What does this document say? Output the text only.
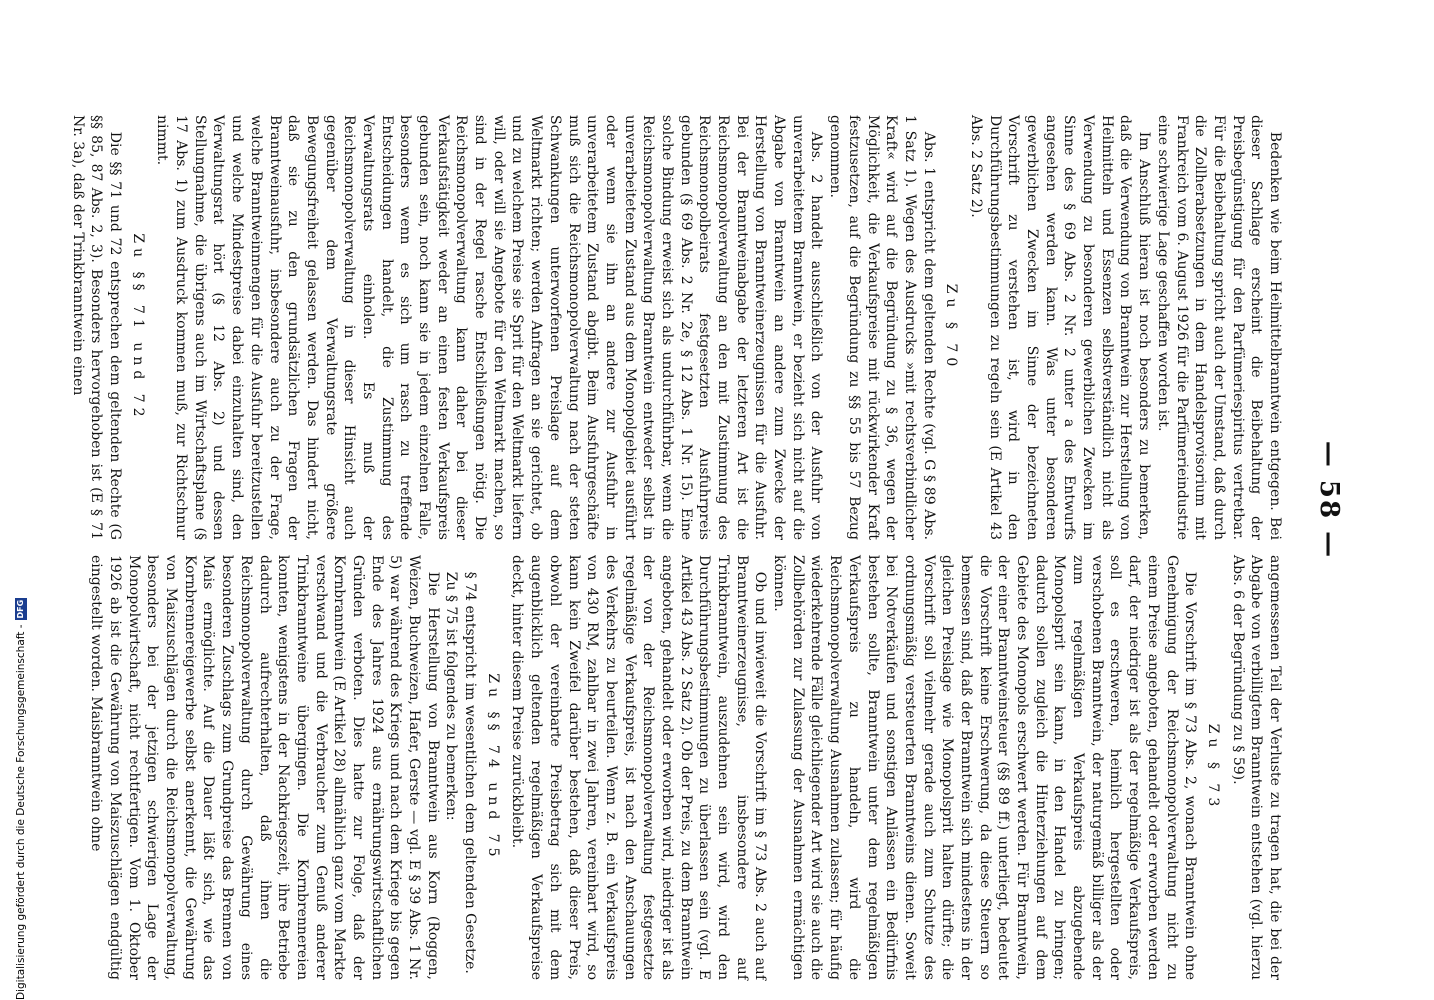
— 58 —

Bedenken wie beim Heilmittelbranntwein entgegen. Bei dieser Sachlage erscheint die Beibehaltung der Preisbegünstigung für den Parfümeriespiritus vertretbar. Für die Beibehaltung spricht auch der Umstand, daß durch die Zollherabsetzungen in dem Handelsprovisorium mit Frankreich vom 6. August 1926 für die Parfümerieindustrie eine schwierige Lage geschaffen worden ist.

Im Anschluß hieran ist noch besonders zu bemerken, daß die Verwendung von Branntwein zur Herstellung von Heilmitteln und Essenzen selbstverständlich nicht als Verwendung zu besonderen gewerblichen Zwecken im Sinne des § 69 Abs. 2 Nr. 2 unter a des Entwurfs angesehen werden kann. Was unter besonderen gewerblichen Zwecken im Sinne der bezeichneten Vorschrift zu verstehen ist, wird in den Durchführungsbestimmungen zu regeln sein (E Artikel 43 Abs. 2 Satz 2).

Zu § 70

Abs. 1 entspricht dem geltenden Rechte (vgl. G § 89 Abs. 1 Satz 1). Wegen des Ausdrucks »mit rechtsverbindlicher Kraft« wird auf die Begründung zu § 36, wegen der Möglichkeit, die Verkaufspreise mit rückwirkender Kraft festzusetzen, auf die Begründung zu §§ 55 bis 57 Bezug genommen.

Abs. 2 handelt ausschließlich von der Ausfuhr von unverarbeitetem Branntwein, er bezieht sich nicht auf die Abgabe von Branntwein an andere zum Zwecke der Herstellung von Branntweinerzeugnissen für die Ausfuhr. Bei der Branntweinabgabe der letzteren Art ist die Reichsmonopolverwaltung an den mit Zustimmung des Reichsmonopolbeirats festgesetzten Ausfuhrpreis gebunden (§ 69 Abs. 2 Nr. 2e, § 12 Abs. 1 Nr. 15). Eine solche Bindung erweist sich als undurchführbar, wenn die Reichsmonopolverwaltung Branntwein entweder selbst in unverarbeitetem Zustand aus dem Monopolgebiet ausführt oder wenn sie ihn an andere zur Ausfuhr in unverarbeitetem Zustand abgibt. Beim Ausfuhrgeschäfte muß sich die Reichsmonopolverwaltung nach der steten Schwankungen unterworfenen Preislage auf dem Weltmarkt richten; werden Anfragen an sie gerichtet, ob und zu welchem Preise sie Sprit für den Weltmarkt liefern will, oder will sie Angebote für den Weltmarkt machen, so sind in der Regel rasche Entschließungen nötig. Die Reichsmonopolverwaltung kann daher bei dieser Verkaufstätigkeit weder an einen festen Verkaufspreis gebunden sein, noch kann sie in jedem einzelnen Falle, besonders wenn es sich um rasch zu treffende Entscheidungen handelt, die Zustimmung des Verwaltungsrats einholen. Es muß der Reichsmonopolverwaltung in dieser Hinsicht auch gegenüber dem Verwaltungsrate größere Bewegungsfreiheit gelassen werden. Das hindert nicht, daß sie zu den grundsätzlichen Fragen der Branntweinausfuhr, insbesondere auch zu der Frage, welche Branntweinmengen für die Ausfuhr bereitzustellen und welche Mindestpreise dabei einzuhalten sind, den Verwaltungsrat hört (§ 12 Abs. 2) und dessen Stellungnahme, die übrigens auch im Wirtschaftsplane (§ 17 Abs. 1) zum Ausdruck kommen muß, zur Richtschnur nimmt.

Zu §§ 71 und 72

Die §§ 71 und 72 entsprechen dem geltenden Rechte (G §§ 85, 87 Abs. 2, 3). Besonders hervorgehoben ist (E § 71 Nr. 3a), daß der Trinkbranntwein einen

angemessenen Teil der Verluste zu tragen hat, die bei der Abgabe von verbilligtem Branntwein entstehen (vgl. hierzu Abs. 6 der Begründung zu § 59).

Zu § 73

Die Vorschrift im § 73 Abs. 2, wonach Branntwein ohne Genehmigung der Reichsmonopolverwaltung nicht zu einem Preise angeboten, gehandelt oder erworben werden darf, der niedriger ist als der regelmäßige Verkaufspreis, soll es erschweren, heimlich hergestellten oder verschobenen Branntwein, der naturgemäß billiger als der zum regelmäßigen Verkaufspreis abzugebende Monopolsprit sein kann, in den Handel zu bringen; dadurch sollen zugleich die Hinterziehungen auf dem Gebiete des Monopols erschwert werden. Für Branntwein, der einer Branntweinsteuer (§§ 89 ff.) unterliegt, bedeutet die Vorschrift keine Erschwerung, da diese Steuern so bemessen sind, daß der Branntwein sich mindestens in der gleichen Preislage wie Monopolsprit halten dürfte; die Vorschrift soll vielmehr gerade auch zum Schutze des ordnungsmäßig versteuerten Branntweins dienen. Soweit bei Notverkäufen und sonstigen Anlässen ein Bedürfnis bestehen sollte, Branntwein unter dem regelmäßigen Verkaufspreis zu handeln, wird die Reichsmonopolverwaltung Ausnahmen zulassen; für häufig wiederkehrende Fälle gleichliegender Art wird sie auch die Zollbehörden zur Zulassung der Ausnahmen ermächtigen können.

Ob und inwieweit die Vorschrift im § 73 Abs. 2 auch auf Branntweinerzeugnisse, insbesondere auf Trinkbranntwein, auszudehnen sein wird, wird den Durchführungsbestimmungen zu überlassen sein (vgl. E Artikel 43 Abs. 2 Satz 2). Ob der Preis, zu dem Branntwein angeboten, gehandelt oder erworben wird, niedriger ist als der von der Reichsmonopolverwaltung festgesetzte regelmäßige Verkaufspreis, ist nach den Anschauungen des Verkehrs zu beurteilen. Wenn z. B. ein Verkaufspreis von 430 RM, zahlbar in zwei Jahren, vereinbart wird, so kann kein Zweifel darüber bestehen, daß dieser Preis, obwohl der vereinbarte Preisbetrag sich mit dem augenblicklich geltenden regelmäßigen Verkaufspreise deckt, hinter diesem Preise zurückbleibt.

Zu §§ 74 und 75

§ 74 entspricht im wesentlichen dem geltenden Gesetze.

Zu § 75 ist folgendes zu bemerken:

Die Herstellung von Branntwein aus Korn (Roggen, Weizen, Buchweizen, Hafer, Gerste — vgl. E § 39 Abs. 1 Nr. 5) war während des Kriegs und nach dem Kriege bis gegen Ende des Jahres 1924 aus ernährungswirtschaftlichen Gründen verboten. Dies hatte zur Folge, daß der Kornbranntwein (E Artikel 28) allmählich ganz vom Markte verschwand und die Verbraucher zum Genuß anderer Trinkbranntweine übergingen. Die Kornbrennereien konnten, wenigstens in der Nachkriegszeit, ihre Betriebe dadurch aufrechterhalten, daß ihnen die Reichsmonopolverwaltung durch Gewährung eines besonderen Zuschlags zum Grundpreise das Brennen von Mais ermöglichte. Auf die Dauer läßt sich, wie das Kornbrennereigewerbe selbst anerkennt, die Gewährung von Maiszuschlägen durch die Reichsmonopolverwaltung, besonders bei der jetzigen schwierigen Lage der Monopolwirtschaft, nicht rechtfertigen. Vom 1. Oktober 1926 ab ist die Gewährung von Maiszuschlägen endgültig eingestellt worden. Maisbranntwein ohne

Digitalisierung gefördert durch die Deutsche Forschungsgemeinschaft -
DFG
